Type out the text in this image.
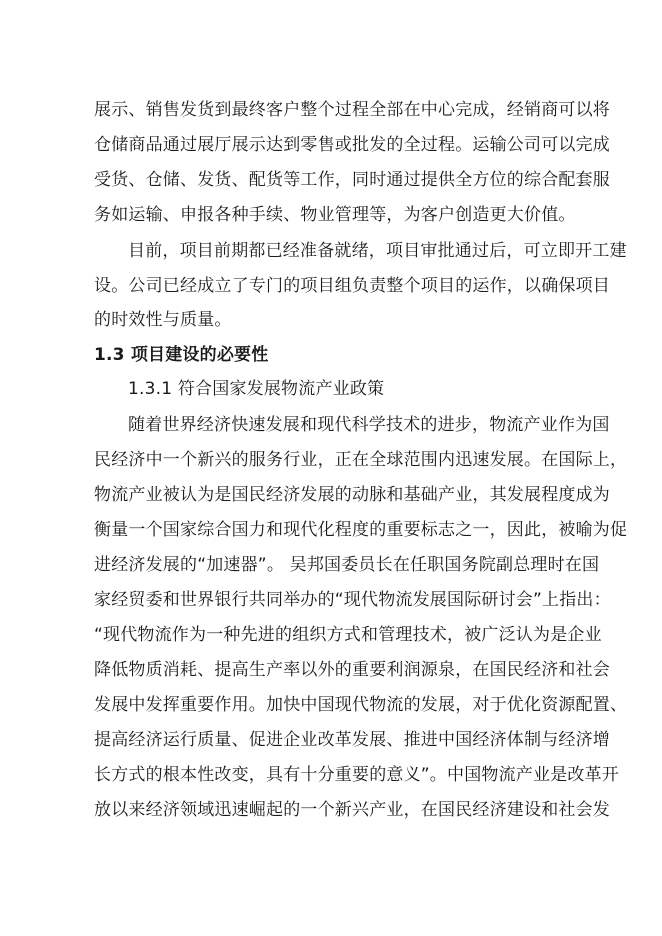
展示、销售发货到最终客户整个过程全部在中心完成，经销商可以将
仓储商品通过展厅展示达到零售或批发的全过程。运输公司可以完成
受货、仓储、发货、配货等工作，同时通过提供全方位的综合配套服
务如运输、申报各种手续、物业管理等，为客户创造更大价值。
目前，项目前期都已经准备就绪，项目审批通过后，可立即开工建
设。公司已经成立了专门的项目组负责整个项目的运作，以确保项目
的时效性与质量。
1.3 项目建设的必要性
1.3.1 符合国家发展物流产业政策
随着世界经济快速发展和现代科学技术的进步，物流产业作为国
民经济中一个新兴的服务行业，正在全球范围内迅速发展。在国际上，
物流产业被认为是国民经济发展的动脉和基础产业，其发展程度成为
衡量一个国家综合国力和现代化程度的重要标志之一，因此，被喻为促
进经济发展的“加速器”。 吴邦国委员长在任职国务院副总理时在国
家经贸委和世界银行共同举办的“现代物流发展国际研讨会”上指出：
“现代物流作为一种先进的组织方式和管理技术，被广泛认为是企业
降低物质消耗、提高生产率以外的重要利润源泉，在国民经济和社会
发展中发挥重要作用。加快中国现代物流的发展，对于优化资源配置、
提高经济运行质量、促进企业改革发展、推进中国经济体制与经济增
长方式的根本性改变，具有十分重要的意义”。中国物流产业是改革开
放以来经济领域迅速崛起的一个新兴产业，在国民经济建设和社会发
